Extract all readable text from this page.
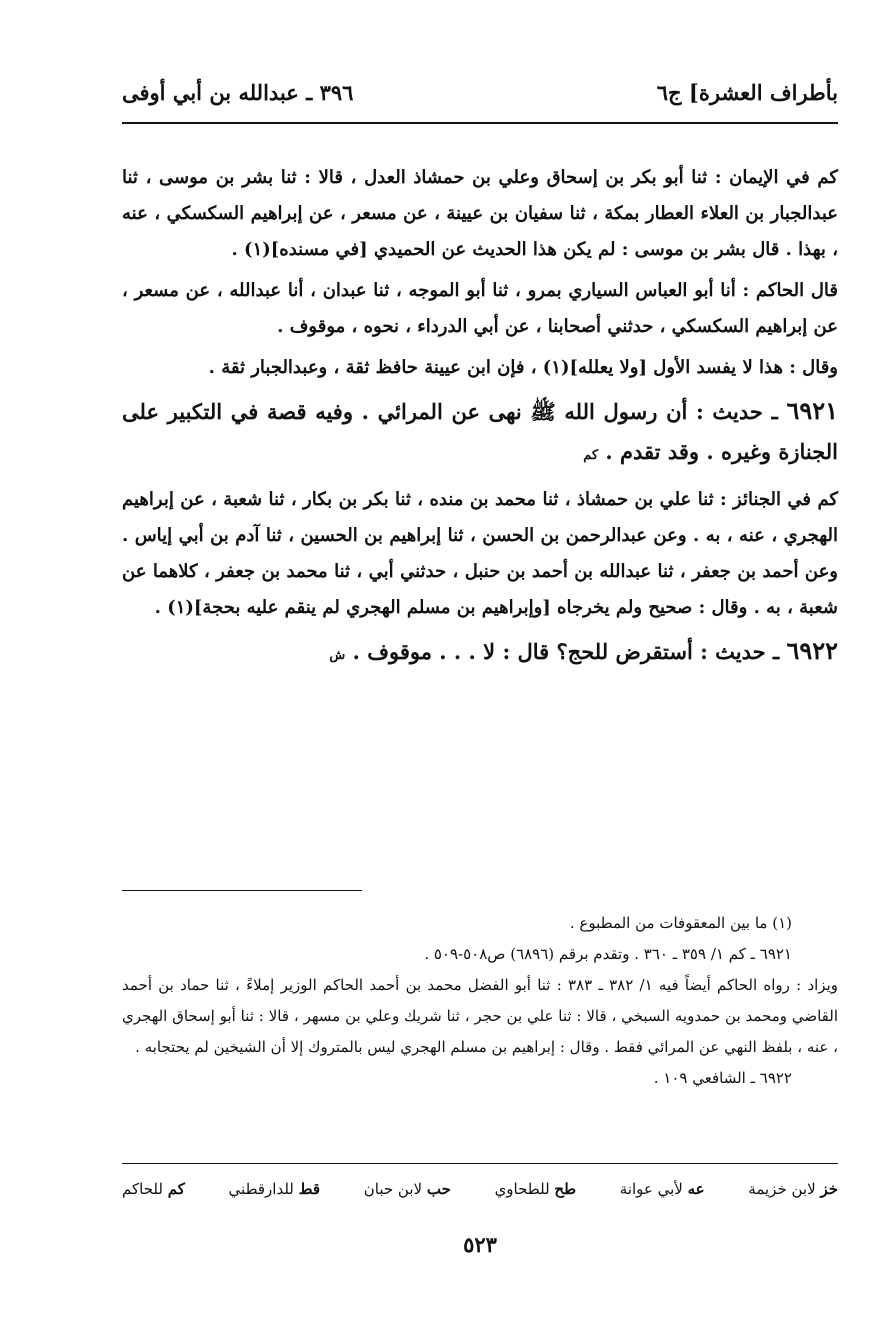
بأطراف العشرة] ج٦
٣٩٦ ـ عبدالله بن أبي أوفى

كم في الإيمان : ثنا أبو بكر بن إسحاق وعلي بن حمشاذ العدل ، قالا : ثنا بشر بن موسى ، ثنا عبدالجبار بن العلاء العطار بمكة ، ثنا سفيان بن عيينة ، عن مسعر ، عن إبراهيم السكسكي ، عنه ، بهذا . قال بشر بن موسى : لم يكن هذا الحديث عن الحميدي [في مسنده](١) .

قال الحاكم : أنا أبو العباس السياري بمرو ، ثنا أبو الموجه ، ثنا عبدان ، أنا عبدالله ، عن مسعر ، عن إبراهيم السكسكي ، حدثني أصحابنا ، عن أبي الدرداء ، نحوه ، موقوف .

وقال : هذا لا يفسد الأول [ولا يعلله](١) ، فإن ابن عيينة حافظ ثقة ، وعبدالجبار ثقة .

٦٩٢١ ـ حديث : أن رسول الله ﷺ نهى عن المرائي . وفيه قصة في التكبير على الجنازة وغيره . وقد تقدم . كم

كم في الجنائز : ثنا علي بن حمشاذ ، ثنا محمد بن منده ، ثنا بكر بن بكار ، ثنا شعبة ، عن إبراهيم الهجري ، عنه ، به . وعن عبدالرحمن بن الحسن ، ثنا إبراهيم بن الحسين ، ثنا آدم بن أبي إياس . وعن أحمد بن جعفر ، ثنا عبدالله بن أحمد بن حنبل ، حدثني أبي ، ثنا محمد بن جعفر ، كلاهما عن شعبة ، به . وقال : صحيح ولم يخرجاه [وإبراهيم بن مسلم الهجري لم ينقم عليه بحجة](١) .

٦٩٢٢ ـ حديث : أستقرض للحج؟ قال : لا . . . موقوف . ش

(١) ما بين المعقوفات من المطبوع .
٦٩٢١ ـ كم ١/ ٣٥٩ ـ ٣٦٠ . وتقدم برقم (٦٨٩٦) ص٥٠٨-٥٠٩ .
ويزاد : رواه الحاكم أيضاً فيه ١/ ٣٨٢ ـ ٣٨٣ : ثنا أبو الفضل محمد بن أحمد الحاكم الوزير إملاءً ، ثنا حماد بن أحمد القاضي ومحمد بن حمدويه السبخي ، قالا : ثنا علي بن حجر ، ثنا شريك وعلي بن مسهر ، قالا : ثنا أبو إسحاق الهجري ، عنه ، بلفظ النهي عن المرائي فقط . وقال : إبراهيم بن مسلم الهجري ليس بالمتروك إلا أن الشيخين لم يحتجابه .
٦٩٢٢ ـ الشافعي ١٠٩ .
خز لابن خزيمة
عه لأبي عوانة
طح للطحاوي
حب لابن حبان
قط للدارقطني
كم للحاكم
٥٢٣
